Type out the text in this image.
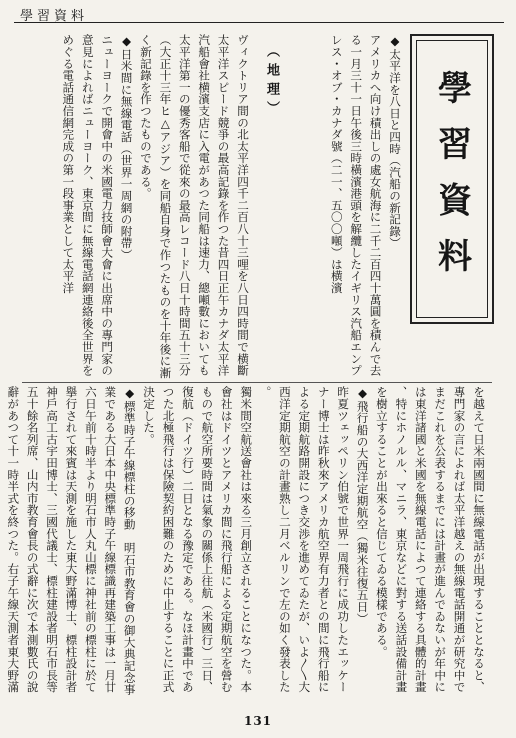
學習資料
學習資料
（地理）	◆太平洋を八日と四時（汽船の新記錄）
アメリカへ向け積出しの處女航海に二千二百四十萬圓を積んで去る一月三十一日午後三時橫濱港頭を解纜したイギリス汽船エンプレス・オブ・カナダ號（二一、五〇〇噸）は横濱
ヴィクトリア間の北太平洋四千二百八十三哩を八日四時間で横斷太平洋スピード競爭の最高記錄を作つた昔四日正午カナダ太平洋汽船會社横濱支店に入電があつた同船は速力、總噸數においても太平洋第一の優秀客船で從來の最高レコード八日十時間五十三分（大正十三年ヒ△アジア）を同船自身で作つたものを十年後に漸く新記錄を作つたものである。
◆日米間に無線電話（世界一周網の附帶）
ニューヨークで開會中の米國電力技師會大會に出席中の專門家の意見によればニューヨーク、東京間に無線電話網連絡後全世界をめぐる電話通信網完成の第一段事業として太平洋
を越えて日米兩國間に無線電話が出現することとなると、專門家の言によれば太平洋越えの無線電話開通が研究中でまだこれを公表するまでには計畫が進んでゐないが年中には東洋諸國と米國を無線電話によつて連絡する具體的計畫、特にホノルル、マニラ、東京などに對する送話設備計畫を樹立することが出來ると信じてゐる模樣である。
◆飛行船の大西洋定期航空（獨米往復五日）
昨夏ツェッペリン伯號で世界一周飛行に成功したエッケーナー博士は昨秋來アメリカ航空界有力者との間に飛行船による定期航路開設につき交渉を進めてゐたが、いよ〳〵大西洋定期航空の計畫熟し二月ベルリンで左の如く發表した。
獨米間空航送會社は來る三月創立されることになつた。本會社はドイツとアメリカ間に飛行船による定期航空を營むもので航空所要時間は氣象の關係上往航（米國行）三日、復航（ドイツ行）二日となる豫定である。なほ計畫中であつた北極飛行は保險契約困難のために中止することに正式決定した。
◆標準時子午線標柱の移動　明石市教育會の御大典記念事業である大日本中央標準時子午線標識再建築工事は一月廿六日午前十時半より明石市人丸山標に神社前の標柱に於て擧行されて來賓は天測を施した東大野滿博士、標柱設計者神戶高工古宇田博士、三國代議士、標柱建設者明石市長等五十餘名列席、山内市教育會長の式辭に次で本測數氏の說辭があつて十一時半式を終つた。右子午線天測者東大野滿

131
